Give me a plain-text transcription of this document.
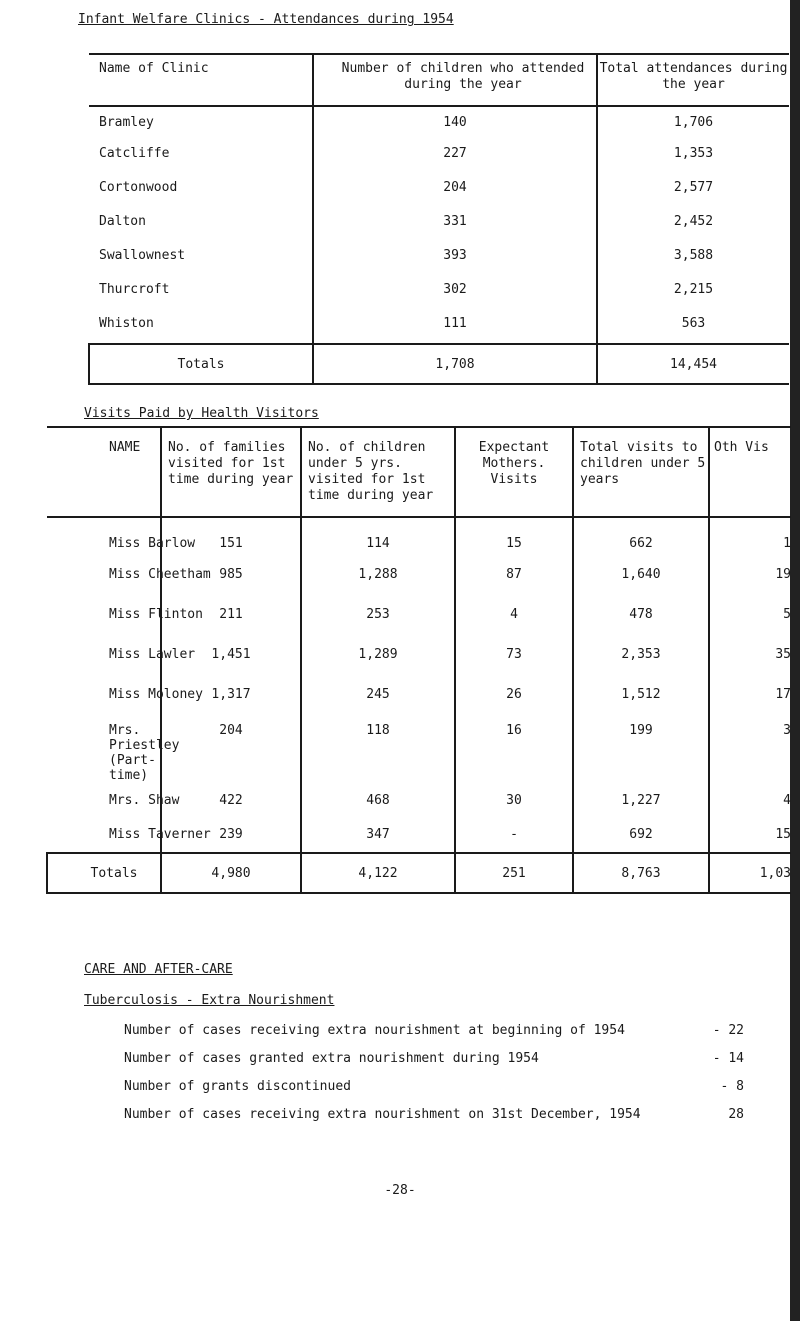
Infant Welfare Clinics - Attendances during 1954
Name of Clinic	Number of children who attended during the year	Total attendances during the year
Bramley	140	1,706
Catcliffe	227	1,353
Cortonwood	204	2,577
Dalton	331	2,452
Swallownest	393	3,588
Thurcroft	302	2,215
Whiston	111	563
Totals	1,708	14,454
Visits Paid by Health Visitors
NAME	No. of families visited for 1st time during year	No. of children under 5 yrs. visited for 1st time during year	Expectant Mothers. Visits	Total visits to children under 5 years	Oth Vis
Miss Barlow	151	114	15	662	1
Miss Cheetham	985	1,288	87	1,640	19
Miss Flinton	211	253	4	478	5
Miss Lawler	1,451	1,289	73	2,353	35
Miss Moloney	1,317	245	26	1,512	17
Mrs. Priestley (Part-time)	204	118	16	199	3
Mrs. Shaw	422	468	30	1,227	4
Miss Taverner	239	347	-	692	15
Totals	4,980	4,122	251	8,763	1,03
CARE AND AFTER-CARE
Tuberculosis - Extra Nourishment
Number of cases receiving extra nourishment at beginning of 1954	- 22
Number of cases granted extra nourishment during 1954	- 14
Number of grants discontinued	- 8
Number of cases receiving extra nourishment on 31st December, 1954	28
-28-
